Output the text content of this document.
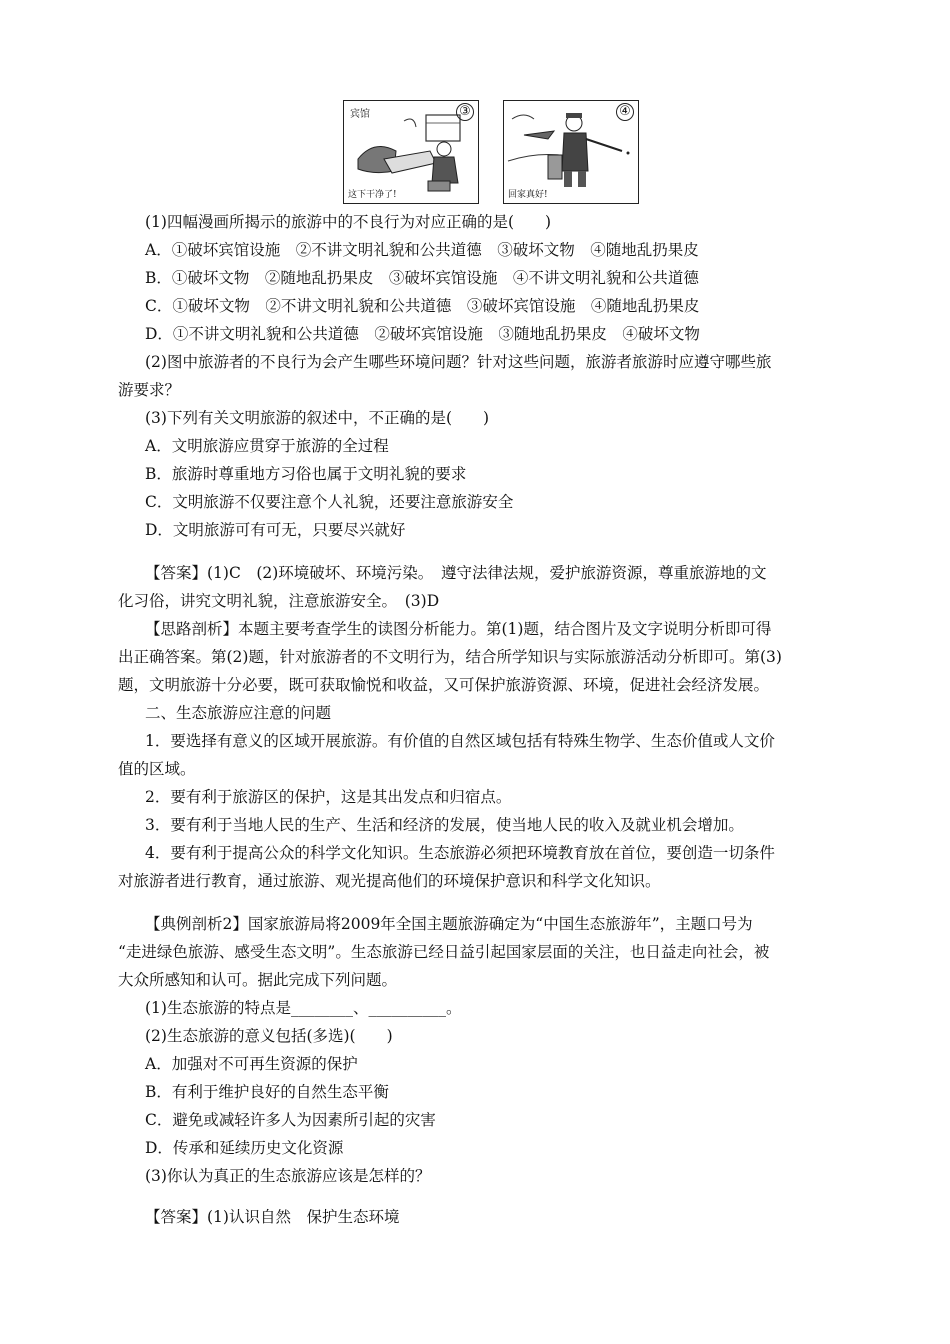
宾馆	③
这下干净了!
④
回家真好!
(1)四幅漫画所揭示的旅游中的不良行为对应正确的是(　　)
A．①破坏宾馆设施　②不讲文明礼貌和公共道德　③破坏文物　④随地乱扔果皮
B．①破坏文物　②随地乱扔果皮　③破坏宾馆设施　④不讲文明礼貌和公共道德
C．①破坏文物　②不讲文明礼貌和公共道德　③破坏宾馆设施　④随地乱扔果皮
D．①不讲文明礼貌和公共道德　②破坏宾馆设施　③随地乱扔果皮　④破坏文物
(2)图中旅游者的不良行为会产生哪些环境问题？针对这些问题，旅游者旅游时应遵守哪些旅
游要求？
(3)下列有关文明旅游的叙述中，不正确的是(　　)
A．文明旅游应贯穿于旅游的全过程
B．旅游时尊重地方习俗也属于文明礼貌的要求
C．文明旅游不仅要注意个人礼貌，还要注意旅游安全
D．文明旅游可有可无，只要尽兴就好
【答案】(1)C　(2)环境破坏、环境污染。　遵守法律法规，爱护旅游资源，尊重旅游地的文
化习俗，讲究文明礼貌，注意旅游安全。　(3)D
【思路剖析】本题主要考查学生的读图分析能力。第(1)题，结合图片及文字说明分析即可得
出正确答案。第(2)题，针对旅游者的不文明行为，结合所学知识与实际旅游活动分析即可。第(3)
题，文明旅游十分必要，既可获取愉悦和收益，又可保护旅游资源、环境，促进社会经济发展。
二、生态旅游应注意的问题
1．要选择有意义的区域开展旅游。有价值的自然区域包括有特殊生物学、生态价值或人文价
值的区域。
2．要有利于旅游区的保护，这是其出发点和归宿点。
3．要有利于当地人民的生产、生活和经济的发展，使当地人民的收入及就业机会增加。
4．要有利于提高公众的科学文化知识。生态旅游必须把环境教育放在首位，要创造一切条件
对旅游者进行教育，通过旅游、观光提高他们的环境保护意识和科学文化知识。
【典例剖析2】国家旅游局将2009年全国主题旅游确定为“中国生态旅游年”，主题口号为
“走进绿色旅游、感受生态文明”。生态旅游已经日益引起国家层面的关注，也日益走向社会，被
大众所感知和认可。据此完成下列问题。
(1)生态旅游的特点是________、__________。
(2)生态旅游的意义包括(多选)(　　)
A．加强对不可再生资源的保护
B．有利于维护良好的自然生态平衡
C．避免或减轻许多人为因素所引起的灾害
D．传承和延续历史文化资源
(3)你认为真正的生态旅游应该是怎样的？
【答案】(1)认识自然　保护生态环境
